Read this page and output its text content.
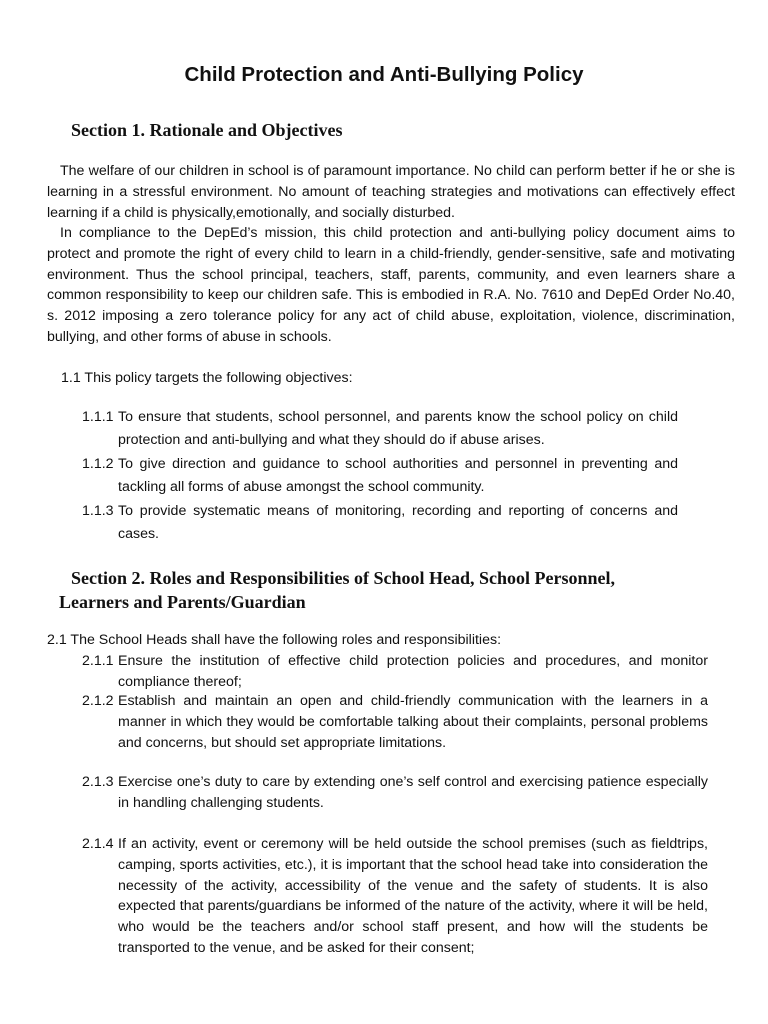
Child Protection and Anti-Bullying Policy
Section 1. Rationale and Objectives

The welfare of our children in school is of paramount importance. No child can perform better if he or she is learning in a stressful environment. No amount of teaching strategies and motivations can effectively effect learning if a child is physically,emotionally, and socially disturbed.

In compliance to the DepEd’s mission, this child protection and anti-bullying policy document aims to protect and promote the right of every child to learn in a child-friendly, gender-sensitive, safe and motivating environment. Thus the school principal, teachers, staff, parents, community, and even learners share a common responsibility to keep our children safe. This is embodied in R.A. No. 7610 and DepEd Order No.40, s. 2012 imposing a zero tolerance policy for any act of child abuse, exploitation, violence, discrimination, bullying, and other forms of abuse in schools.

1.1 This policy targets the following objectives:

1.1.1 To ensure that students, school personnel, and parents know the school policy on child protection and anti-bullying and what they should do if abuse arises.
1.1.2 To give direction and guidance to school authorities and personnel in preventing and tackling all forms of abuse amongst the school community.
1.1.3 To provide systematic means of monitoring, recording and reporting of concerns and cases.
Section 2. Roles and Responsibilities of School Head, School Personnel,
Learners and Parents/Guardian

2.1 The School Heads shall have the following roles and responsibilities:

2.1.1 Ensure the institution of effective child protection policies and procedures, and monitor compliance thereof;
2.1.2 Establish and maintain an open and child-friendly communication with the learners in a manner in which they would be comfortable talking about their complaints, personal problems and concerns, but should set appropriate limitations.
2.1.3 Exercise one’s duty to care by extending one’s self control and exercising patience especially in handling challenging students.
2.1.4 If an activity, event or ceremony will be held outside the school premises (such as fieldtrips, camping, sports activities, etc.), it is important that the school head take into consideration the necessity of the activity, accessibility of the venue and the safety of students. It is also expected that parents/guardians be informed of the nature of the activity, where it will be held, who would be the teachers and/or school staff present, and how will the students be transported to the venue, and be asked for their consent;
